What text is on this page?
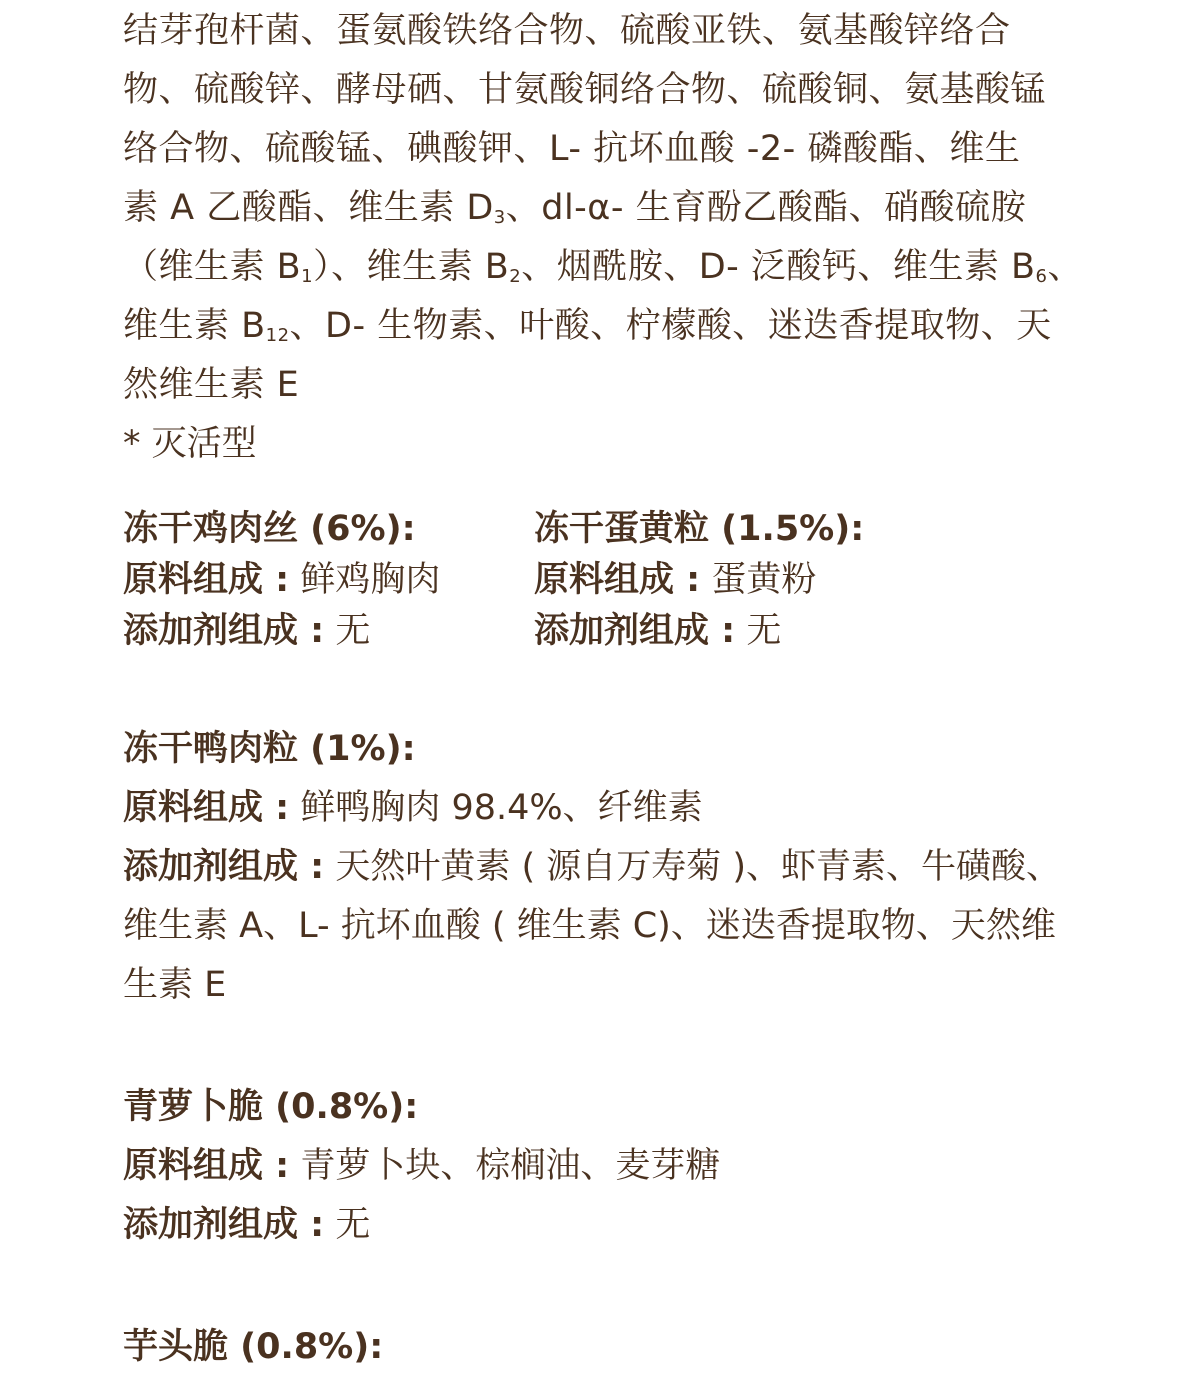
结芽孢杆菌、蛋氨酸铁络合物、硫酸亚铁、氨基酸锌络合
物、硫酸锌、酵母硒、甘氨酸铜络合物、硫酸铜、氨基酸锰
络合物、硫酸锰、碘酸钾、L- 抗坏血酸 -2- 磷酸酯、维生
素 A 乙酸酯、维生素 $D_3$、dl-α- 生育酚乙酸酯、硝酸硫胺
（维生素 $B_1$）、维生素 $B_2$、烟酰胺、D- 泛酸钙、维生素 $B_6$、
维生素 $B_{12}$、D- 生物素、叶酸、柠檬酸、迷迭香提取物、天
然维生素 E
* 灭活型
冻干鸡肉丝 (6%):
原料组成 : 鲜鸡胸肉
添加剂组成 : 无
冻干蛋黄粒 (1.5%):
原料组成 : 蛋黄粉
添加剂组成 : 无
冻干鸭肉粒 (1%):
原料组成 : 鲜鸭胸肉 98.4%、纤维素
添加剂组成 : 天然叶黄素 ( 源自万寿菊 )、虾青素、牛磺酸、
维生素 A、L- 抗坏血酸 ( 维生素 C)、迷迭香提取物、天然维
生素 E
青萝卜脆 (0.8%):
原料组成 : 青萝卜块、棕榈油、麦芽糖
添加剂组成 : 无
芋头脆 (0.8%):
